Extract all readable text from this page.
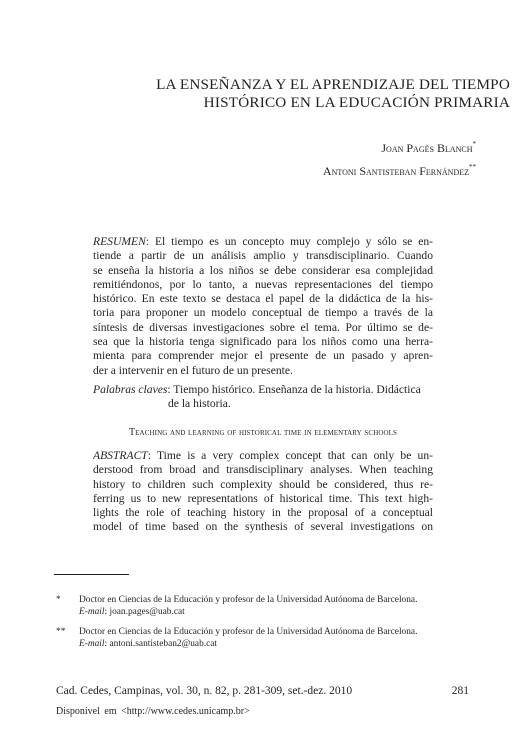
LA ENSEÑANZA Y EL APRENDIZAJE DEL TIEMPO
HISTÓRICO EN LA EDUCACIÓN PRIMARIA
Joan Pagès Blanch*
Antoni Santisteban Fernández**
RESUMEN: El tiempo es un concepto muy complejo y sólo se en-
tiende a partir de un análisis amplio y transdisciplinario. Cuando
se enseña la historia a los niños se debe considerar esa complejidad
remitiéndonos, por lo tanto, a nuevas representaciones del tiempo
histórico. En este texto se destaca el papel de la didáctica de la his-
toria para proponer un modelo conceptual de tiempo a través de la
síntesis de diversas investigaciones sobre el tema. Por último se de-
sea que la historia tenga significado para los niños como una herra-
mienta para comprender mejor el presente de un pasado y apren-
der a intervenir en el futuro de un presente.
Palabras claves: Tiempo histórico. Enseñanza de la historia. Didáctica
de la historia.
Teaching and learning of historical time in elementary schools
ABSTRACT: Time is a very complex concept that can only be un-
derstood from broad and transdisciplinary analyses. When teaching
history to children such complexity should be considered, thus re-
ferring us to new representations of historical time. This text high-
lights the role of teaching history in the proposal of a conceptual
model of time based on the synthesis of several investigations on
* Doctor en Ciencias de la Educación y profesor de la Universidad Autónoma de Barcelona.
E-mail: joan.pages@uab.cat
** Doctor en Ciencias de la Educación y profesor de la Universidad Autónoma de Barcelona.
E-mail: antoni.santisteban2@uab.cat
Cad. Cedes, Campinas, vol. 30, n. 82, p. 281-309, set.-dez. 2010	281
Disponível em <http://www.cedes.unicamp.br>
